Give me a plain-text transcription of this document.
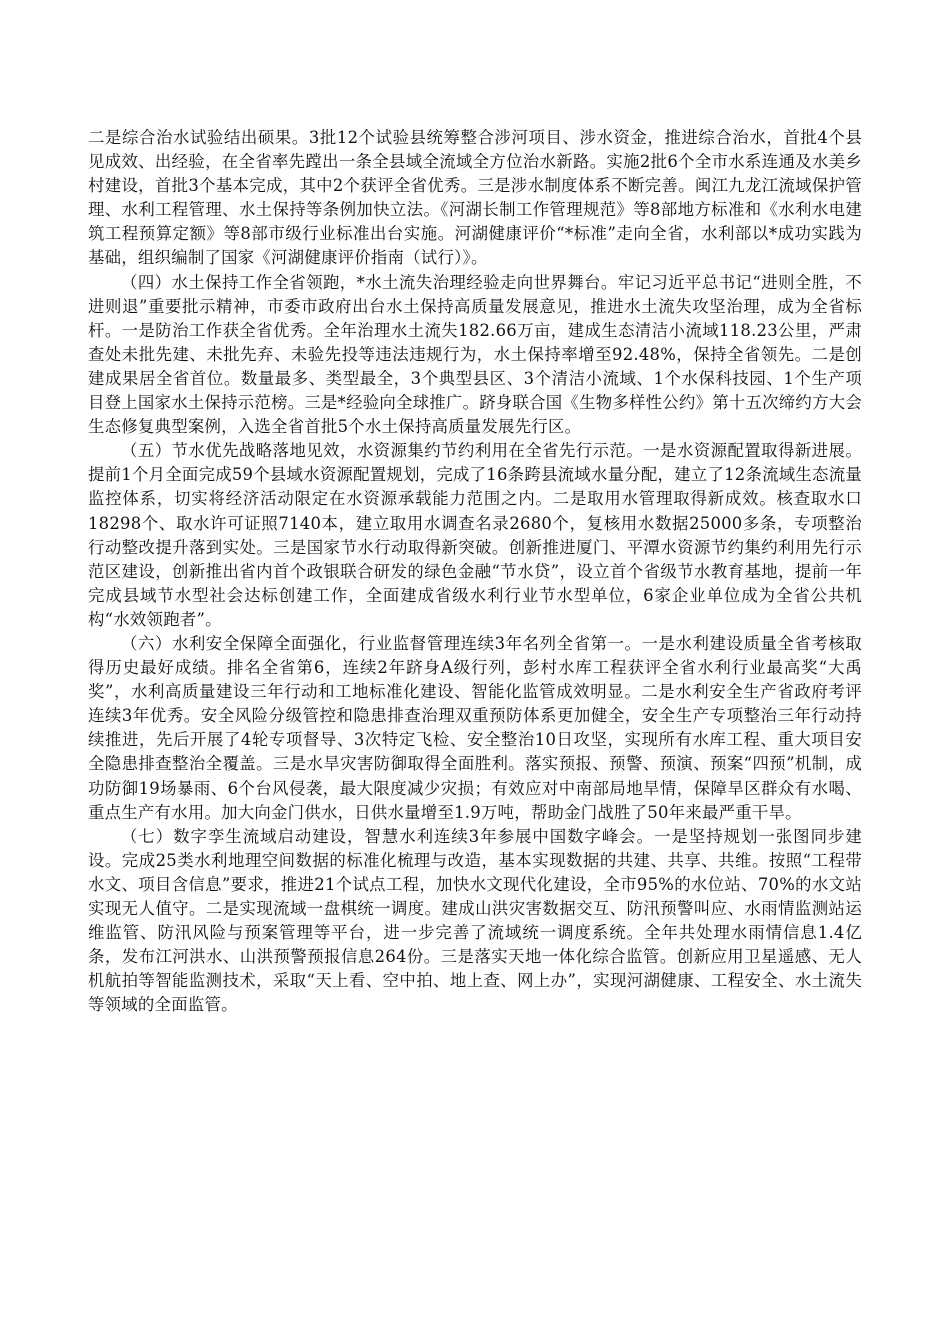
二是综合治水试验结出硕果。3批12个试验县统筹整合涉河项目、涉水资金，推进综合治水，首批4个县见成效、出经验，在全省率先蹚出一条全县域全流域全方位治水新路。实施2批6个全市水系连通及水美乡村建设，首批3个基本完成，其中2个获评全省优秀。三是涉水制度体系不断完善。闽江九龙江流域保护管理、水利工程管理、水土保持等条例加快立法。《河湖长制工作管理规范》等8部地方标准和《水利水电建筑工程预算定额》等8部市级行业标准出台实施。河湖健康评价“*标准”走向全省，水利部以*成功实践为基础，组织编制了国家《河湖健康评价指南（试行）》。

（四）水土保持工作全省领跑，*水土流失治理经验走向世界舞台。牢记习近平总书记“进则全胜，不进则退”重要批示精神，市委市政府出台水土保持高质量发展意见，推进水土流失攻坚治理，成为全省标杆。一是防治工作获全省优秀。全年治理水土流失182.66万亩，建成生态清洁小流域118.23公里，严肃查处未批先建、未批先弃、未验先投等违法违规行为，水土保持率增至92.48%，保持全省领先。二是创建成果居全省首位。数量最多、类型最全，3个典型县区、3个清洁小流域、1个水保科技园、1个生产项目登上国家水土保持示范榜。三是*经验向全球推广。跻身联合国《生物多样性公约》第十五次缔约方大会生态修复典型案例，入选全省首批5个水土保持高质量发展先行区。

（五）节水优先战略落地见效，水资源集约节约利用在全省先行示范。一是水资源配置取得新进展。提前1个月全面完成59个县域水资源配置规划，完成了16条跨县流域水量分配，建立了12条流域生态流量监控体系，切实将经济活动限定在水资源承载能力范围之内。二是取用水管理取得新成效。核查取水口18298个、取水许可证照7140本，建立取用水调查名录2680个，复核用水数据25000多条，专项整治行动整改提升落到实处。三是国家节水行动取得新突破。创新推进厦门、平潭水资源节约集约利用先行示范区建设，创新推出省内首个政银联合研发的绿色金融“节水贷”，设立首个省级节水教育基地，提前一年完成县域节水型社会达标创建工作，全面建成省级水利行业节水型单位，6家企业单位成为全省公共机构“水效领跑者”。

（六）水利安全保障全面强化，行业监督管理连续3年名列全省第一。一是水利建设质量全省考核取得历史最好成绩。排名全省第6，连续2年跻身A级行列，彭村水库工程获评全省水利行业最高奖“大禹奖”，水利高质量建设三年行动和工地标准化建设、智能化监管成效明显。二是水利安全生产省政府考评连续3年优秀。安全风险分级管控和隐患排查治理双重预防体系更加健全，安全生产专项整治三年行动持续推进，先后开展了4轮专项督导、3次特定飞检、安全整治10日攻坚，实现所有水库工程、重大项目安全隐患排查整治全覆盖。三是水旱灾害防御取得全面胜利。落实预报、预警、预演、预案“四预”机制，成功防御19场暴雨、6个台风侵袭，最大限度减少灾损；有效应对中南部局地旱情，保障旱区群众有水喝、重点生产有水用。加大向金门供水，日供水量增至1.9万吨，帮助金门战胜了50年来最严重干旱。

（七）数字孪生流域启动建设，智慧水利连续3年参展中国数字峰会。一是坚持规划一张图同步建设。完成25类水利地理空间数据的标准化梳理与改造，基本实现数据的共建、共享、共维。按照“工程带水文、项目含信息”要求，推进21个试点工程，加快水文现代化建设，全市95%的水位站、70%的水文站实现无人值守。二是实现流域一盘棋统一调度。建成山洪灾害数据交互、防汛预警叫应、水雨情监测站运维监管、防汛风险与预案管理等平台，进一步完善了流域统一调度系统。全年共处理水雨情信息1.4亿条，发布江河洪水、山洪预警预报信息264份。三是落实天地一体化综合监管。创新应用卫星遥感、无人机航拍等智能监测技术，采取“天上看、空中拍、地上查、网上办”，实现河湖健康、工程安全、水土流失等领域的全面监管。
